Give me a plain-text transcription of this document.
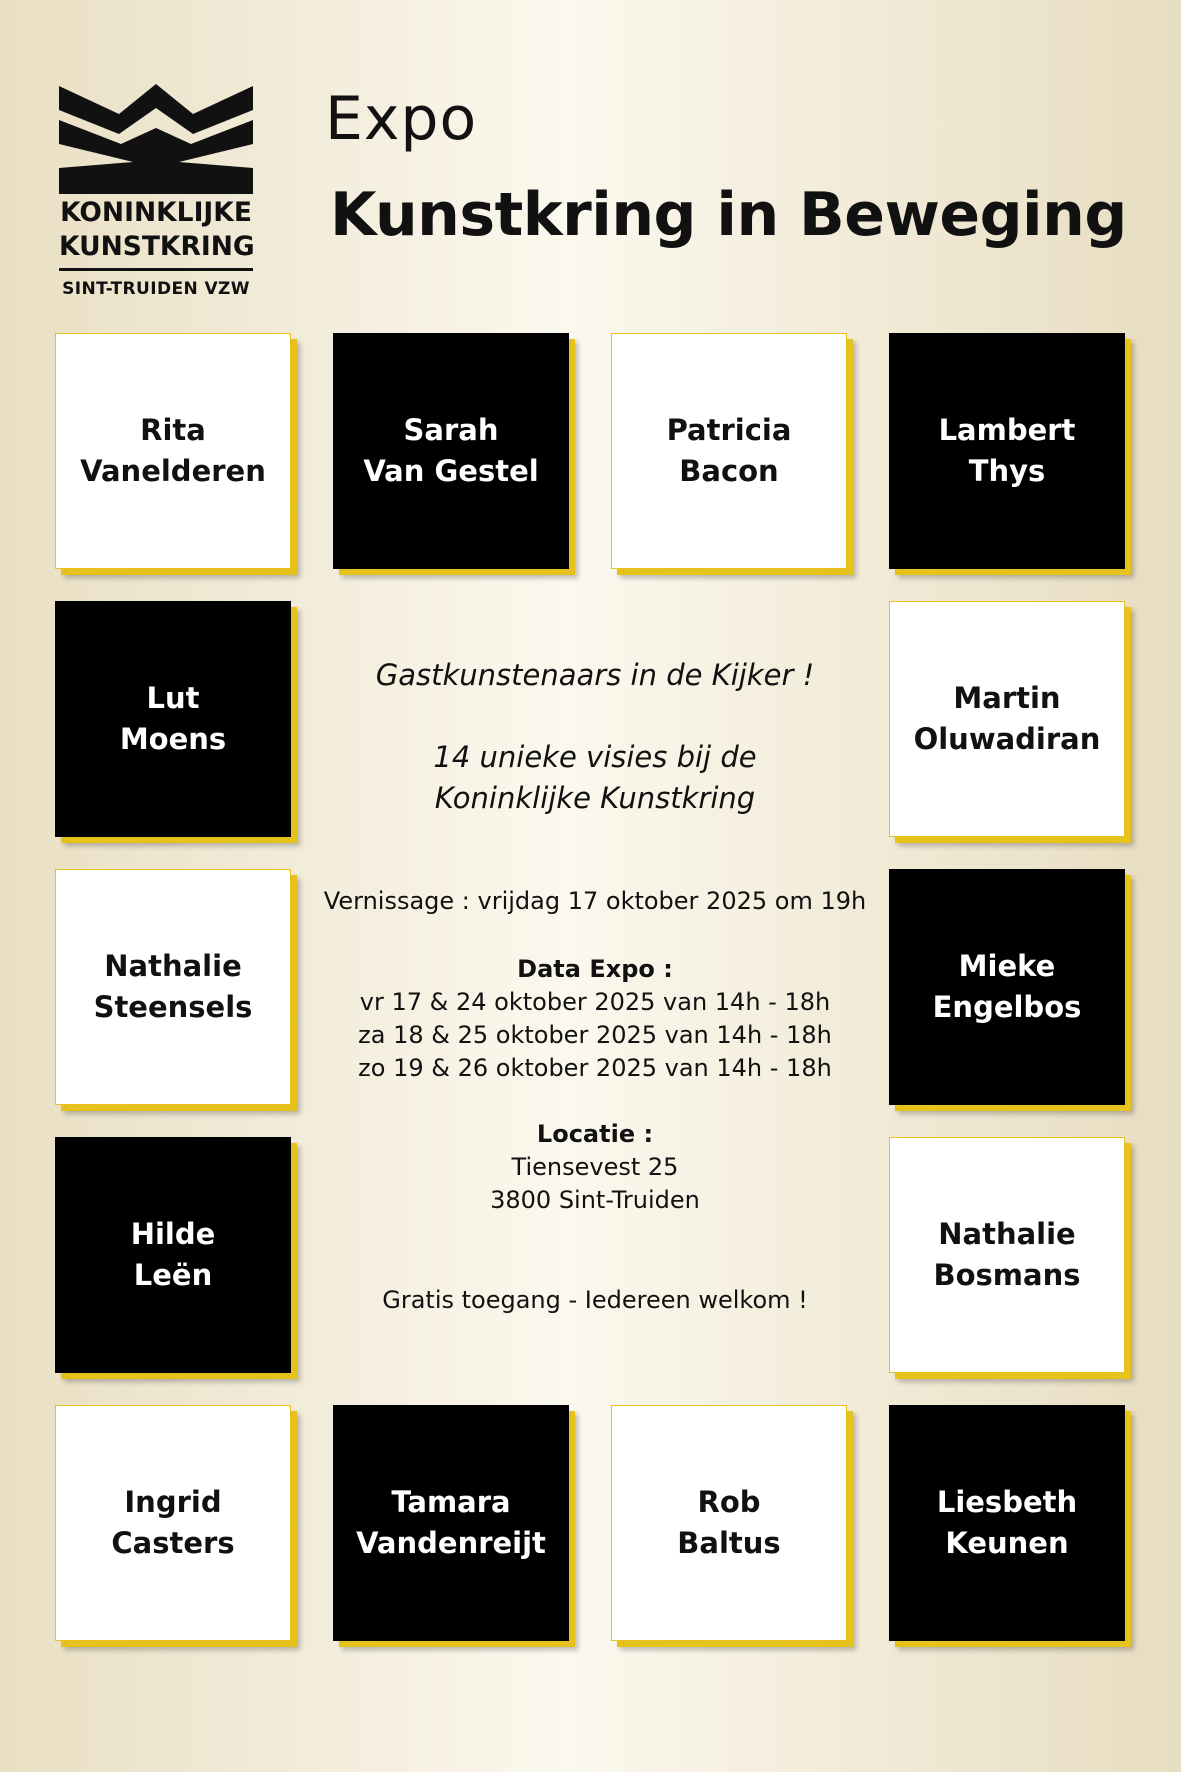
KONINKLIJKE
KUNSTKRING
SINT-TRUIDEN VZW
Expo
Kunstkring in Beweging
Rita
Vanelderen
Sarah
Van Gestel
Patricia
Bacon
Lambert
Thys
Lut
Moens
Martin
Oluwadiran
Nathalie
Steensels
Mieke
Engelbos
Hilde
Leën
Nathalie
Bosmans
Ingrid
Casters
Tamara
Vandenreijt
Rob
Baltus
Liesbeth
Keunen
Gastkunstenaars in de Kijker !
14 unieke visies bij de
Koninklijke Kunstkring
Vernissage : vrijdag 17 oktober 2025 om 19h
Data Expo :
vr 17 & 24 oktober 2025 van 14h - 18h
za 18 & 25 oktober 2025 van 14h - 18h
zo 19 & 26 oktober 2025 van 14h - 18h
Locatie :
Tiensevest 25
3800 Sint-Truiden
Gratis toegang - Iedereen welkom !
